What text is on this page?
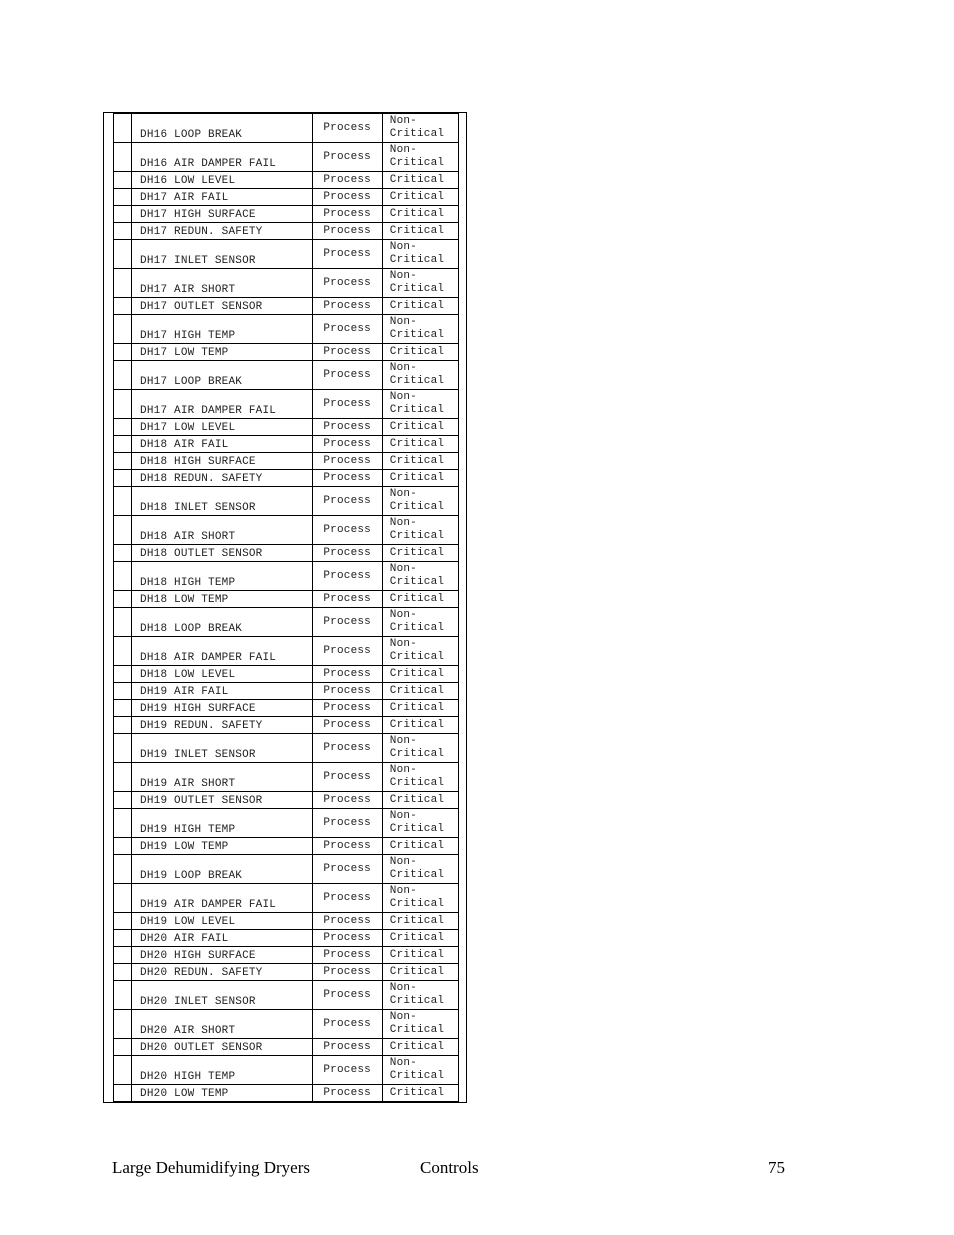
	DH16 LOOP BREAK	Process	Non-
Critical
	DH16 AIR DAMPER FAIL	Process	Non-
Critical
	DH16 LOW LEVEL	Process	Critical
	DH17 AIR FAIL	Process	Critical
	DH17 HIGH SURFACE	Process	Critical
	DH17 REDUN. SAFETY	Process	Critical
	DH17 INLET SENSOR	Process	Non-
Critical
	DH17 AIR SHORT	Process	Non-
Critical
	DH17 OUTLET SENSOR	Process	Critical
	DH17 HIGH TEMP	Process	Non-
Critical
	DH17 LOW TEMP	Process	Critical
	DH17 LOOP BREAK	Process	Non-
Critical
	DH17 AIR DAMPER FAIL	Process	Non-
Critical
	DH17 LOW LEVEL	Process	Critical
	DH18 AIR FAIL	Process	Critical
	DH18 HIGH SURFACE	Process	Critical
	DH18 REDUN. SAFETY	Process	Critical
	DH18 INLET SENSOR	Process	Non-
Critical
	DH18 AIR SHORT	Process	Non-
Critical
	DH18 OUTLET SENSOR	Process	Critical
	DH18 HIGH TEMP	Process	Non-
Critical
	DH18 LOW TEMP	Process	Critical
	DH18 LOOP BREAK	Process	Non-
Critical
	DH18 AIR DAMPER FAIL	Process	Non-
Critical
	DH18 LOW LEVEL	Process	Critical
	DH19 AIR FAIL	Process	Critical
	DH19 HIGH SURFACE	Process	Critical
	DH19 REDUN. SAFETY	Process	Critical
	DH19 INLET SENSOR	Process	Non-
Critical
	DH19 AIR SHORT	Process	Non-
Critical
	DH19 OUTLET SENSOR	Process	Critical
	DH19 HIGH TEMP	Process	Non-
Critical
	DH19 LOW TEMP	Process	Critical
	DH19 LOOP BREAK	Process	Non-
Critical
	DH19 AIR DAMPER FAIL	Process	Non-
Critical
	DH19 LOW LEVEL	Process	Critical
	DH20 AIR FAIL	Process	Critical
	DH20 HIGH SURFACE	Process	Critical
	DH20 REDUN. SAFETY	Process	Critical
	DH20 INLET SENSOR	Process	Non-
Critical
	DH20 AIR SHORT	Process	Non-
Critical
	DH20 OUTLET SENSOR	Process	Critical
	DH20 HIGH TEMP	Process	Non-
Critical
	DH20 LOW TEMP	Process	Critical
Large Dehumidifying Dryers	Controls	75
